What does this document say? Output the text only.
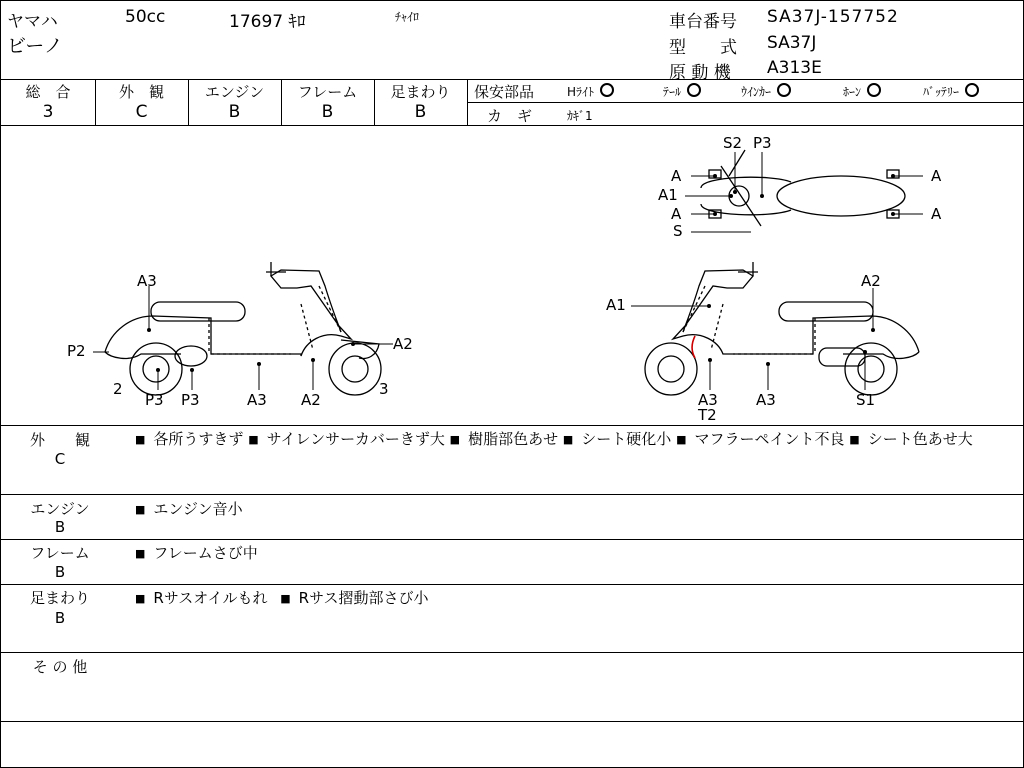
ヤマハ	50cc	17697 ｷﾛ	ﾁｬｲﾛ
ビーノ
車台番号 SA37J-157752
型　　式 SA37J
原 動 機 A313E
総　合
3
外　観
C
エンジン
B
フレーム
B
足まわり
B
保安部品	Hﾗｲﾄ	ﾃｰﾙ	ｳｲﾝｶｰ	ﾎｰﾝ	ﾊﾞｯﾃﾘｰ
カ　ギ	ｶｷﾞ1
A3
P2	A2
2	3
P3 P3	A3 A2
A1
A2
A3
T2
A3	S1
S2 P3
A
A1
A
S
A
A
外　　観
C
■ 各所うすきず ■ サイレンサーカバーきず大 ■ 樹脂部色あせ ■ シート硬化小 ■ マフラーペイント不良 ■ シート色あせ大
エンジン
B
■ エンジン音小
フレーム
B
■ フレームさび中
足まわり
B
■ Rサスオイルもれ ■ Rサス摺動部さび小
そ の 他
